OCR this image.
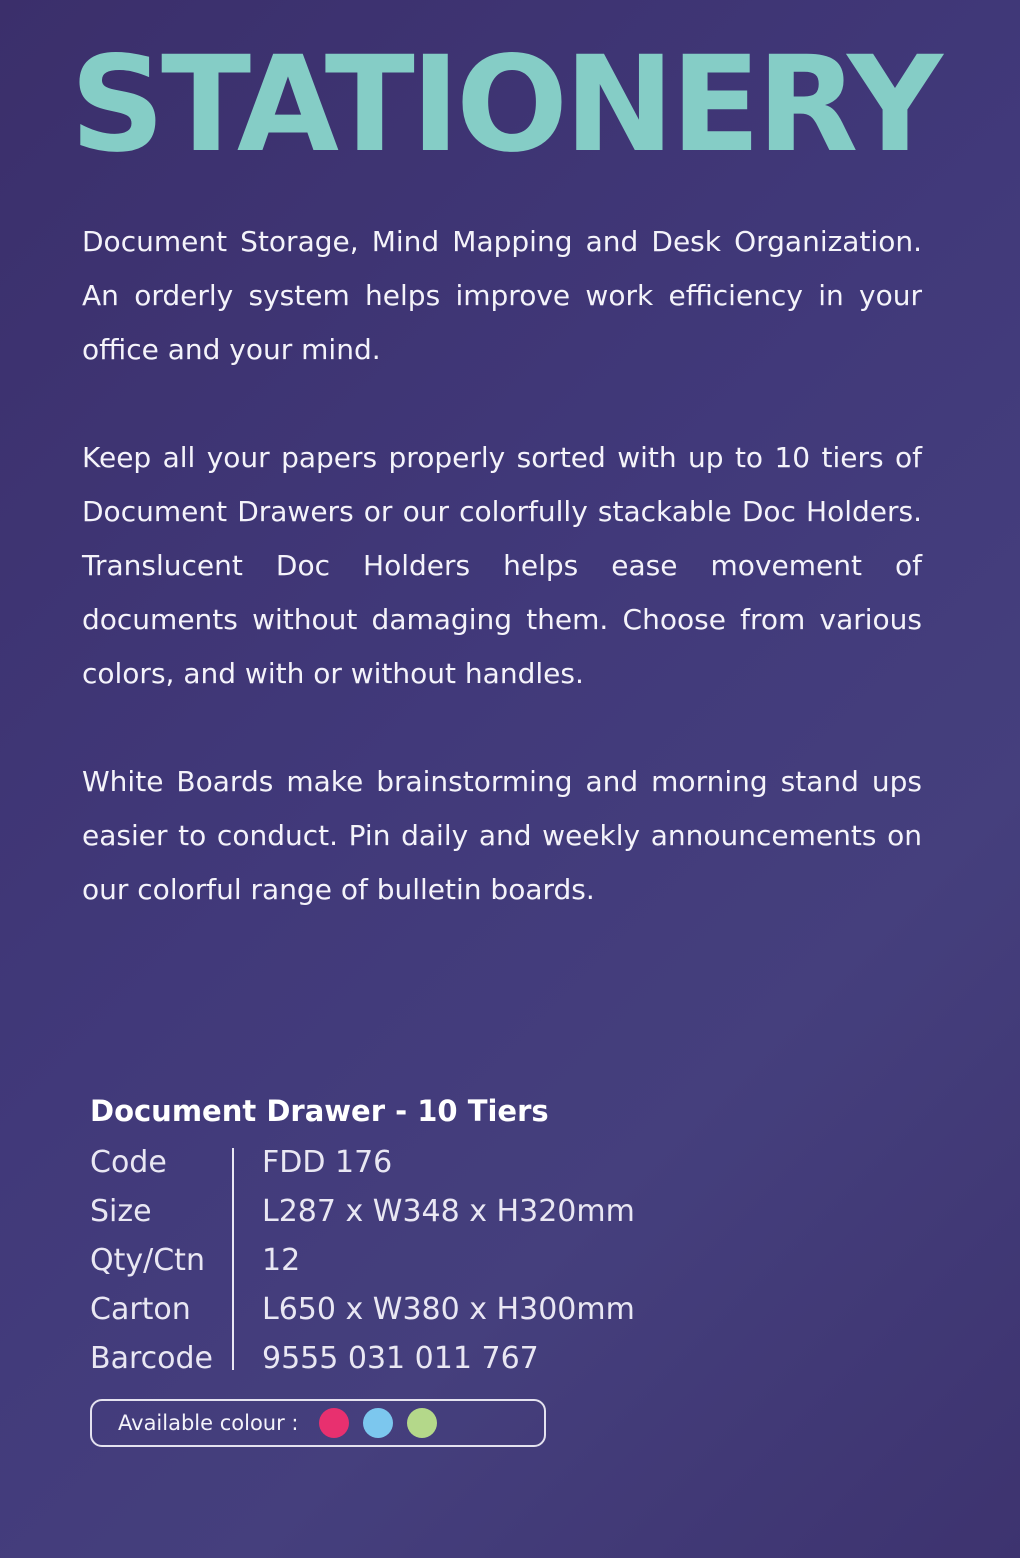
STATIONERY

Document Storage, Mind Mapping and Desk Organization. An orderly system helps improve work efficiency in your office and your mind.

Keep all your papers properly sorted with up to 10 tiers of Document Drawers or our colorfully stackable Doc Holders. Translucent Doc Holders helps ease movement of documents without damaging them. Choose from various colors, and with or without handles.

White Boards make brainstorming and morning stand ups easier to conduct. Pin daily and weekly announcements on our colorful range of bulletin boards.

Document Drawer - 10 Tiers
Code	FDD 176
Size	L287 x W348 x H320mm
Qty/Ctn	12
Carton	L650 x W380 x H300mm
Barcode	9555 031 011 767
Available colour :
